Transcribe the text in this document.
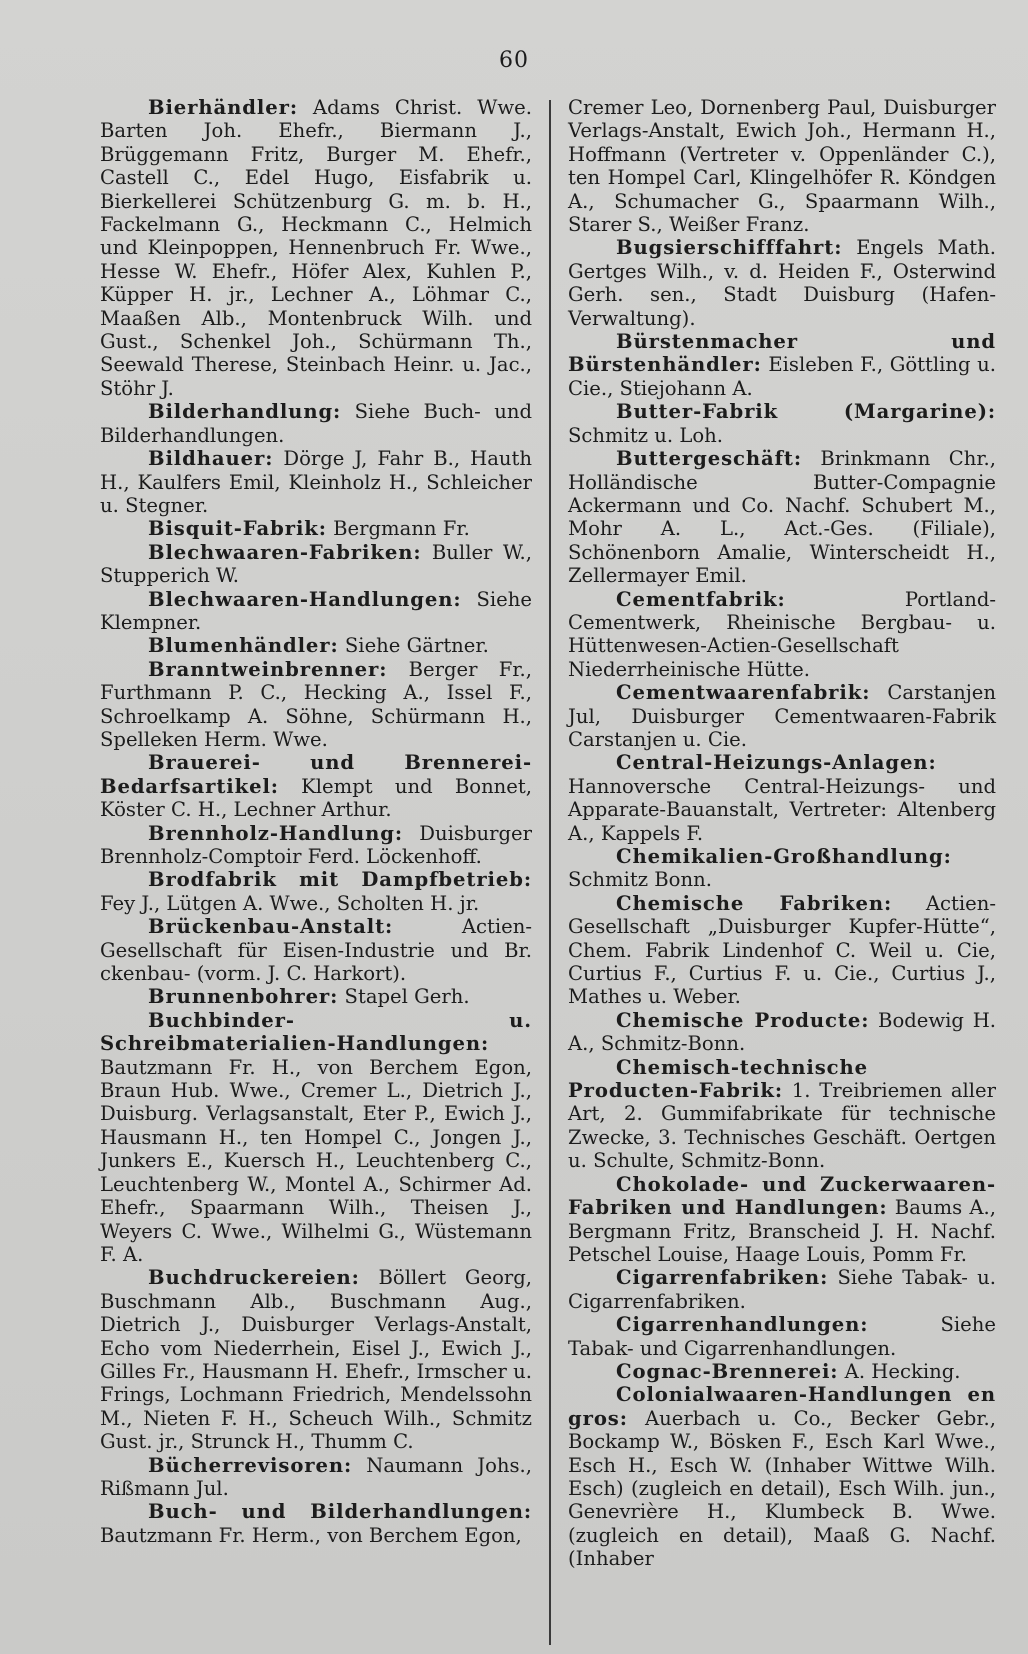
60

Bierhändler: Adams Christ. Wwe. Barten Joh. Ehefr., Biermann J., Brüggemann Fritz, Burger M. Ehefr., Castell C., Edel Hugo, Eisfabrik u. Bierkellerei Schützenburg G. m. b. H., Fackelmann G., Heckmann C., Helmich und Kleinpoppen, Hennenbruch Fr. Wwe., Hesse W. Ehefr., Höfer Alex, Kuhlen P., Küpper H. jr., Lechner A., Löhmar C., Maaßen Alb., Montenbruck Wilh. und Gust., Schenkel Joh., Schürmann Th., Seewald Therese, Steinbach Heinr. u. Jac., Stöhr J.

Bilderhandlung: Siehe Buch- und Bilderhandlungen.

Bildhauer: Dörge J, Fahr B., Hauth H., Kaulfers Emil, Kleinholz H., Schleicher u. Stegner.

Bisquit-Fabrik: Bergmann Fr.

Blechwaaren-Fabriken: Buller W., Stupperich W.

Blechwaaren-Handlungen: Siehe Klempner.

Blumenhändler: Siehe Gärtner.

Branntweinbrenner: Berger Fr., Furthmann P. C., Hecking A., Issel F., Schroelkamp A. Söhne, Schürmann H., Spelleken Herm. Wwe.

Brauerei- und Brennerei-Bedarfsartikel: Klempt und Bonnet, Köster C. H., Lechner Arthur.

Brennholz-Handlung: Duisburger Brennholz-Comptoir Ferd. Löckenhoff.

Brodfabrik mit Dampfbetrieb: Fey J., Lütgen A. Wwe., Scholten H. jr.

Brückenbau-Anstalt: Actien-Gesellschaft für Eisen-Industrie und Br. ckenbau- (vorm. J. C. Harkort).

Brunnenbohrer: Stapel Gerh.

Buchbinder- u. Schreibmaterialien-Handlungen: Bautzmann Fr. H., von Berchem Egon, Braun Hub. Wwe., Cremer L., Dietrich J., Duisburg. Verlagsanstalt, Eter P., Ewich J., Hausmann H., ten Hompel C., Jongen J., Junkers E., Kuersch H., Leuchtenberg C., Leuchtenberg W., Montel A., Schirmer Ad. Ehefr., Spaarmann Wilh., Theisen J., Weyers C. Wwe., Wilhelmi G., Wüstemann F. A.

Buchdruckereien: Böllert Georg, Buschmann Alb., Buschmann Aug., Dietrich J., Duisburger Verlags-Anstalt, Echo vom Niederrhein, Eisel J., Ewich J., Gilles Fr., Hausmann H. Ehefr., Irmscher u. Frings, Lochmann Friedrich, Mendelssohn M., Nieten F. H., Scheuch Wilh., Schmitz Gust. jr., Strunck H., Thumm C.

Bücherrevisoren: Naumann Johs., Rißmann Jul.

Buch- und Bilderhandlungen: Bautzmann Fr. Herm., von Berchem Egon,

Cremer Leo, Dornenberg Paul, Duisburger Verlags-Anstalt, Ewich Joh., Hermann H., Hoffmann (Vertreter v. Oppenländer C.), ten Hompel Carl, Klingelhöfer R. Köndgen A., Schumacher G., Spaarmann Wilh., Starer S., Weißer Franz.

Bugsierschifffahrt: Engels Math. Gertges Wilh., v. d. Heiden F., Osterwind Gerh. sen., Stadt Duisburg (Hafen-Verwaltung).

Bürstenmacher und Bürstenhändler: Eisleben F., Göttling u. Cie., Stiejohann A.

Butter-Fabrik (Margarine): Schmitz u. Loh.

Buttergeschäft: Brinkmann Chr., Holländische Butter-Compagnie Ackermann und Co. Nachf. Schubert M., Mohr A. L., Act.-Ges. (Filiale), Schönenborn Amalie, Winterscheidt H., Zellermayer Emil.

Cementfabrik: Portland-Cementwerk, Rheinische Bergbau- u. Hüttenwesen-Actien-Gesellschaft Niederrheinische Hütte.

Cementwaarenfabrik: Carstanjen Jul, Duisburger Cementwaaren-Fabrik Carstanjen u. Cie.

Central-Heizungs-Anlagen: Hannoversche Central-Heizungs- und Apparate-Bauanstalt, Vertreter: Altenberg A., Kappels F.

Chemikalien-Großhandlung: Schmitz Bonn.

Chemische Fabriken: Actien-Gesellschaft „Duisburger Kupfer-Hütte“, Chem. Fabrik Lindenhof C. Weil u. Cie, Curtius F., Curtius F. u. Cie., Curtius J., Mathes u. Weber.

Chemische Producte: Bodewig H. A., Schmitz-Bonn.

Chemisch-technische Producten-Fabrik: 1. Treibriemen aller Art, 2. Gummifabrikate für technische Zwecke, 3. Technisches Geschäft. Oertgen u. Schulte, Schmitz-Bonn.

Chokolade- und Zuckerwaaren-Fabriken und Handlungen: Baums A., Bergmann Fritz, Branscheid J. H. Nachf. Petschel Louise, Haage Louis, Pomm Fr.

Cigarrenfabriken: Siehe Tabak- u. Cigarrenfabriken.

Cigarrenhandlungen: Siehe Tabak- und Cigarrenhandlungen.

Cognac-Brennerei: A. Hecking.

Colonialwaaren-Handlungen en gros: Auerbach u. Co., Becker Gebr., Bockamp W., Bösken F., Esch Karl Wwe., Esch H., Esch W. (Inhaber Wittwe Wilh. Esch) (zugleich en detail), Esch Wilh. jun., Genevrière H., Klumbeck B. Wwe. (zugleich en detail), Maaß G. Nachf. (Inhaber
